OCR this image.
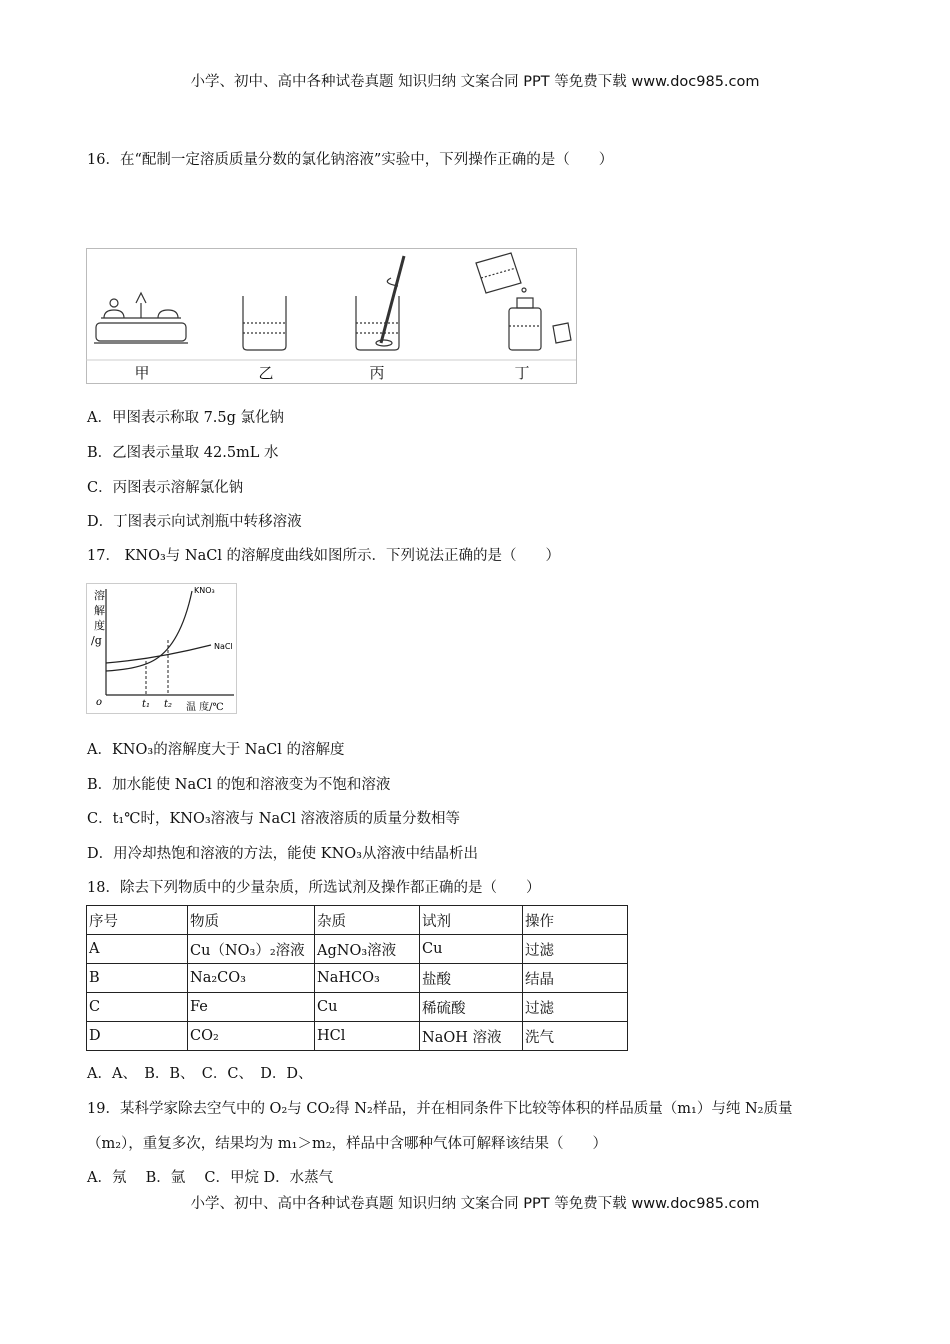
小学、初中、高中各种试卷真题 知识归纳 文案合同 PPT 等免费下载 www.doc985.com
16．在“配制一定溶质质量分数的氯化钠溶液”实验中，下列操作正确的是（　　）
甲	乙	丙	丁
A．甲图表示称取 7.5g 氯化钠
B．乙图表示量取 42.5mL 水
C．丙图表示溶解氯化钠
D．丁图表示向试剂瓶中转移溶液
17． KNO₃与 NaCl 的溶解度曲线如图所示．下列说法正确的是（　　）
溶
解
度
/g
KNO₃
NaCl
o	t₁ t₂ 温 度/℃
A．KNO₃的溶解度大于 NaCl 的溶解度
B．加水能使 NaCl 的饱和溶液变为不饱和溶液
C．t₁℃时，KNO₃溶液与 NaCl 溶液溶质的质量分数相等
D．用冷却热饱和溶液的方法，能使 KNO₃从溶液中结晶析出
18．除去下列物质中的少量杂质，所选试剂及操作都正确的是（　　）
序号	物质	杂质	试剂	操作
A	Cu（NO₃）₂溶液	AgNO₃溶液	Cu	过滤
B	Na₂CO₃	NaHCO₃	盐酸	结晶
C	Fe	Cu	稀硫酸	过滤
D	CO₂	HCl	NaOH 溶液	洗气
A．A、　B．B、　C．C、　D．D、
19．某科学家除去空气中的 O₂与 CO₂得 N₂样品，并在相同条件下比较等体积的样品质量（m₁）与纯 N₂质量
（m₂），重复多次，结果均为 m₁＞m₂，样品中含哪种气体可解释该结果（　　）
A．氖　 B．氩　 C．甲烷 D．水蒸气
小学、初中、高中各种试卷真题 知识归纳 文案合同 PPT 等免费下载 www.doc985.com
